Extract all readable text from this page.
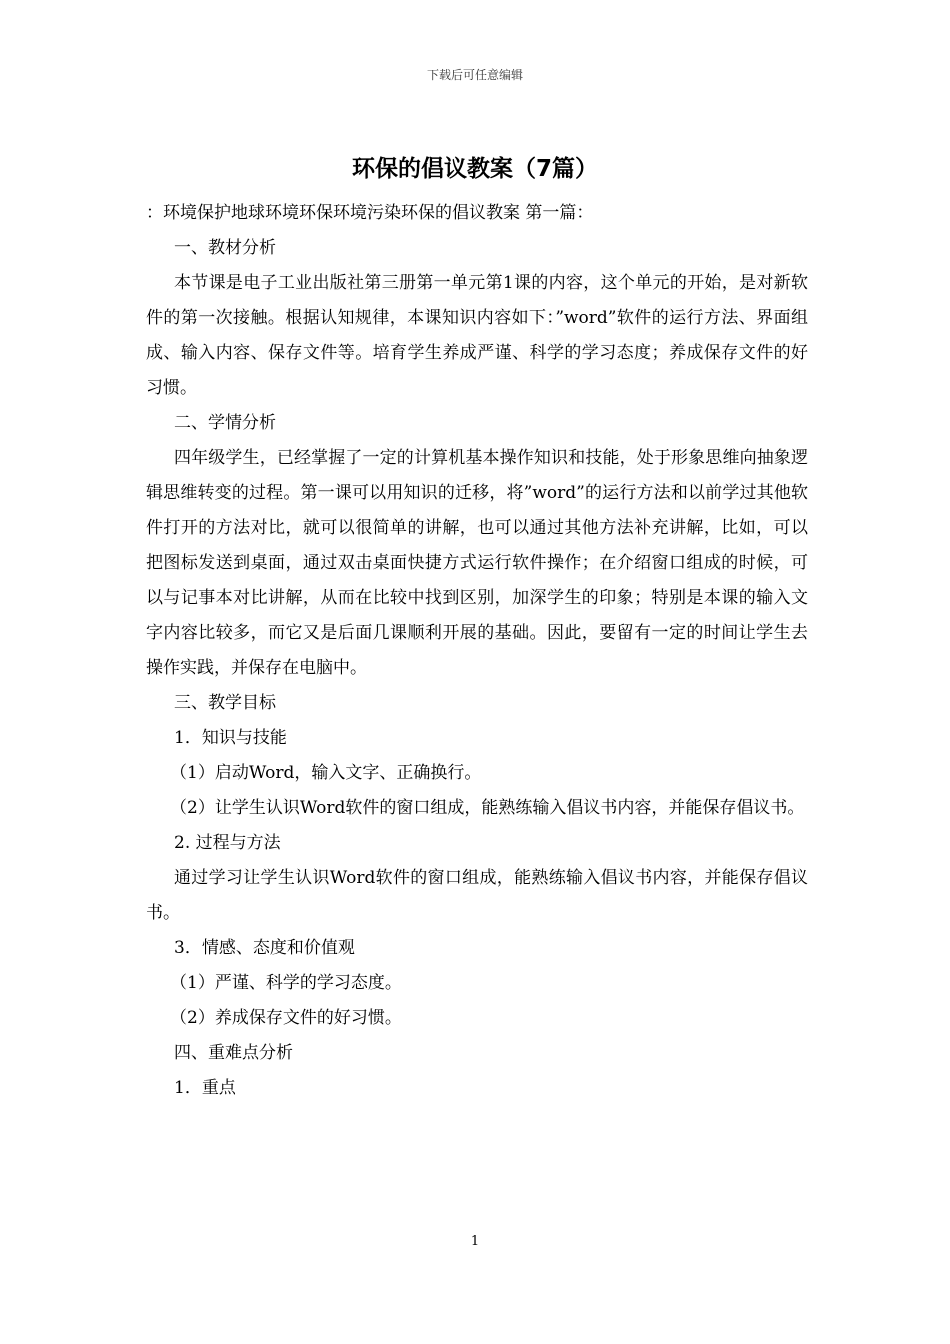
下载后可任意编辑
环保的倡议教案（7篇）

：环境保护地球环境环保环境污染环保的倡议教案 第一篇：

一、教材分析

本节课是电子工业出版社第三册第一单元第1课的内容，这个单元的开始，是对新软件的第一次接触。根据认知规律，本课知识内容如下：”word”软件的运行方法、界面组成、输入内容、保存文件等。培育学生养成严谨、科学的学习态度；养成保存文件的好习惯。

二、学情分析

四年级学生，已经掌握了一定的计算机基本操作知识和技能，处于形象思维向抽象逻辑思维转变的过程。第一课可以用知识的迁移，将”word”的运行方法和以前学过其他软件打开的方法对比，就可以很简单的讲解，也可以通过其他方法补充讲解，比如，可以把图标发送到桌面，通过双击桌面快捷方式运行软件操作；在介绍窗口组成的时候，可以与记事本对比讲解，从而在比较中找到区别，加深学生的印象；特别是本课的输入文字内容比较多，而它又是后面几课顺利开展的基础。因此，要留有一定的时间让学生去操作实践，并保存在电脑中。

三、教学目标

1．知识与技能

（1）启动Word，输入文字、正确换行。

（2）让学生认识Word软件的窗口组成，能熟练输入倡议书内容，并能保存倡议书。

2. 过程与方法

通过学习让学生认识Word软件的窗口组成，能熟练输入倡议书内容，并能保存倡议书。

3．情感、态度和价值观

（1）严谨、科学的学习态度。

（2）养成保存文件的好习惯。

四、重难点分析

1．重点

1
